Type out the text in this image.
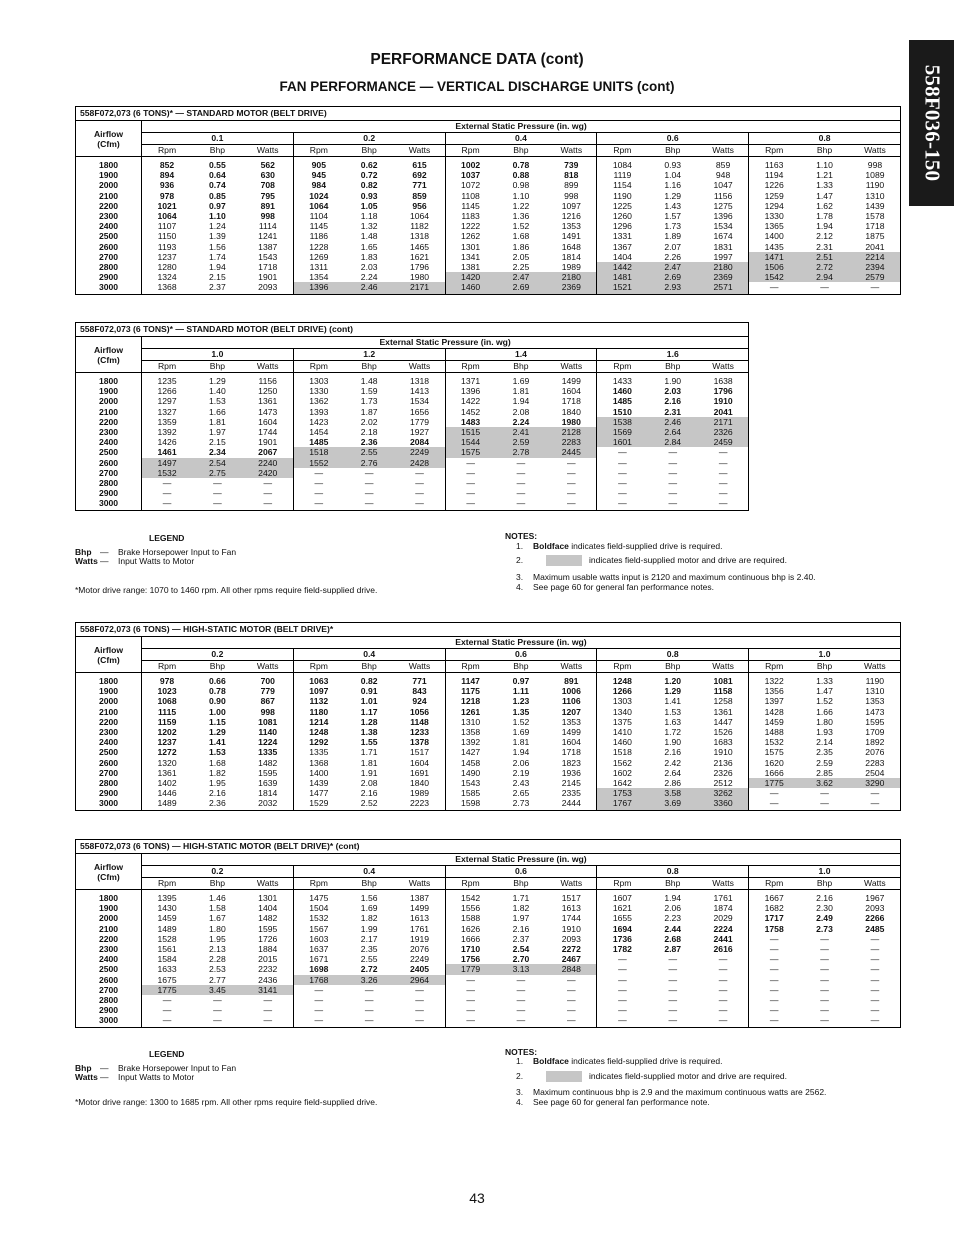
558F036-150
PERFORMANCE DATA (cont)
FAN PERFORMANCE — VERTICAL DISCHARGE UNITS (cont)
558F072,073 (6 TONS)* — STANDARD MOTOR (BELT DRIVE)															

Airflow
(Cfm)	External Static Pressure (in. wg)														
	0.1			0.2			0.4			0.6			0.8		
	Rpm	Bhp	Watts	Rpm	Bhp	Watts	Rpm	Bhp	Watts	Rpm	Bhp	Watts	Rpm	Bhp	Watts
1800	852	0.55	562	905	0.62	615	1002	0.78	739	1084	0.93	859	1163	1.10	998
1900	894	0.64	630	945	0.72	692	1037	0.88	818	1119	1.04	948	1194	1.21	1089
2000	936	0.74	708	984	0.82	771	1072	0.98	899	1154	1.16	1047	1226	1.33	1190
2100	978	0.85	795	1024	0.93	859	1108	1.10	998	1190	1.29	1156	1259	1.47	1310
2200	1021	0.97	891	1064	1.05	956	1145	1.22	1097	1225	1.43	1275	1294	1.62	1439
2300	1064	1.10	998	1104	1.18	1064	1183	1.36	1216	1260	1.57	1396	1330	1.78	1578
2400	1107	1.24	1114	1145	1.32	1182	1222	1.52	1353	1296	1.73	1534	1365	1.94	1718
2500	1150	1.39	1241	1186	1.48	1318	1262	1.68	1491	1331	1.89	1674	1400	2.12	1875
2600	1193	1.56	1387	1228	1.65	1465	1301	1.86	1648	1367	2.07	1831	1435	2.31	2041
2700	1237	1.74	1543	1269	1.83	1621	1341	2.05	1814	1404	2.26	1997	1471	2.51	2214
2800	1280	1.94	1718	1311	2.03	1796	1381	2.25	1989	1442	2.47	2180	1506	2.72	2394
2900	1324	2.15	1901	1354	2.24	1980	1420	2.47	2180	1481	2.69	2369	1542	2.94	2579
3000	1368	2.37	2093	1396	2.46	2171	1460	2.69	2369	1521	2.93	2571	—	—	—
558F072,073 (6 TONS)* — STANDARD MOTOR (BELT DRIVE) (cont)												

Airflow
(Cfm)	External Static Pressure (in. wg)											
	1.0			1.2			1.4			1.6		
	Rpm	Bhp	Watts	Rpm	Bhp	Watts	Rpm	Bhp	Watts	Rpm	Bhp	Watts
1800	1235	1.29	1156	1303	1.48	1318	1371	1.69	1499	1433	1.90	1638
1900	1266	1.40	1250	1330	1.59	1413	1396	1.81	1604	1460	2.03	1796
2000	1297	1.53	1361	1362	1.73	1534	1422	1.94	1718	1485	2.16	1910
2100	1327	1.66	1473	1393	1.87	1656	1452	2.08	1840	1510	2.31	2041
2200	1359	1.81	1604	1423	2.02	1779	1483	2.24	1980	1538	2.46	2171
2300	1392	1.97	1744	1454	2.18	1927	1515	2.41	2128	1569	2.64	2326
2400	1426	2.15	1901	1485	2.36	2084	1544	2.59	2283	1601	2.84	2459
2500	1461	2.34	2067	1518	2.55	2249	1575	2.78	2445	—	—	—
2600	1497	2.54	2240	1552	2.76	2428	—	—	—	—	—	—
2700	1532	2.75	2420	—	—	—	—	—	—	—	—	—
2800	—	—	—	—	—	—	—	—	—	—	—	—
2900	—	—	—	—	—	—	—	—	—	—	—	—
3000	—	—	—	—	—	—	—	—	—	—	—	—
LEGEND
Bhp — Brake Horsepower Input to Fan
Watts — Input Watts to Motor
*Motor drive range: 1070 to 1460 rpm. All other rpms require field-supplied drive.
NOTES:
1. Boldface indicates field-supplied drive is required.
2.	indicates field-supplied motor and drive are required.
3. Maximum usable watts input is 2120 and maximum continuous bhp is 2.40.
4. See page 60 for general fan performance notes.
558F072,073 (6 TONS) — HIGH-STATIC MOTOR (BELT DRIVE)*															

Airflow
(Cfm)	External Static Pressure (in. wg)														
	0.2			0.4			0.6			0.8			1.0		
	Rpm	Bhp	Watts	Rpm	Bhp	Watts	Rpm	Bhp	Watts	Rpm	Bhp	Watts	Rpm	Bhp	Watts
1800	978	0.66	700	1063	0.82	771	1147	0.97	891	1248	1.20	1081	1322	1.33	1190
1900	1023	0.78	779	1097	0.91	843	1175	1.11	1006	1266	1.29	1158	1356	1.47	1310
2000	1068	0.90	867	1132	1.01	924	1218	1.23	1106	1303	1.41	1258	1397	1.52	1353
2100	1115	1.00	998	1180	1.17	1056	1261	1.35	1207	1340	1.53	1361	1428	1.66	1473
2200	1159	1.15	1081	1214	1.28	1148	1310	1.52	1353	1375	1.63	1447	1459	1.80	1595
2300	1202	1.29	1140	1248	1.38	1233	1358	1.69	1499	1410	1.72	1526	1488	1.93	1709
2400	1237	1.41	1224	1292	1.55	1378	1392	1.81	1604	1460	1.90	1683	1532	2.14	1892
2500	1272	1.53	1335	1335	1.71	1517	1427	1.94	1718	1518	2.16	1910	1575	2.35	2076
2600	1320	1.68	1482	1368	1.81	1604	1458	2.06	1823	1562	2.42	2136	1620	2.59	2283
2700	1361	1.82	1595	1400	1.91	1691	1490	2.19	1936	1602	2.64	2326	1666	2.85	2504
2800	1402	1.95	1639	1439	2.08	1840	1543	2.43	2145	1642	2.86	2512	1775	3.62	3290
2900	1446	2.16	1814	1477	2.16	1989	1585	2.65	2335	1753	3.58	3262	—	—	—
3000	1489	2.36	2032	1529	2.52	2223	1598	2.73	2444	1767	3.69	3360	—	—	—
558F072,073 (6 TONS) — HIGH-STATIC MOTOR (BELT DRIVE)* (cont)															

Airflow
(Cfm)	External Static Pressure (in. wg)														
	0.2			0.4			0.6			0.8			1.0		
	Rpm	Bhp	Watts	Rpm	Bhp	Watts	Rpm	Bhp	Watts	Rpm	Bhp	Watts	Rpm	Bhp	Watts
1800	1395	1.46	1301	1475	1.56	1387	1542	1.71	1517	1607	1.94	1761	1667	2.16	1967
1900	1430	1.58	1404	1504	1.69	1499	1556	1.82	1613	1621	2.06	1874	1682	2.30	2093
2000	1459	1.67	1482	1532	1.82	1613	1588	1.97	1744	1655	2.23	2029	1717	2.49	2266
2100	1489	1.80	1595	1567	1.99	1761	1626	2.16	1910	1694	2.44	2224	1758	2.73	2485
2200	1528	1.95	1726	1603	2.17	1919	1666	2.37	2093	1736	2.68	2441	—	—	—
2300	1561	2.13	1884	1637	2.35	2076	1710	2.54	2272	1782	2.87	2616	—	—	—
2400	1584	2.28	2015	1671	2.55	2249	1756	2.70	2467	—	—	—	—	—	—
2500	1633	2.53	2232	1698	2.72	2405	1779	3.13	2848	—	—	—	—	—	—
2600	1675	2.77	2436	1768	3.26	2964	—	—	—	—	—	—	—	—	—
2700	1775	3.45	3141	—	—	—	—	—	—	—	—	—	—	—	—
2800	—	—	—	—	—	—	—	—	—	—	—	—	—	—	—
2900	—	—	—	—	—	—	—	—	—	—	—	—	—	—	—
3000	—	—	—	—	—	—	—	—	—	—	—	—	—	—	—
LEGEND
Bhp — Brake Horsepower Input to Fan
Watts — Input Watts to Motor
*Motor drive range: 1300 to 1685 rpm. All other rpms require field-supplied drive.
NOTES:
1. Boldface indicates field-supplied drive is required.
2.	indicates field-supplied motor and drive are required.
3. Maximum continuous bhp is 2.9 and the maximum continuous watts are 2562.
4. See page 60 for general fan performance note.
43
